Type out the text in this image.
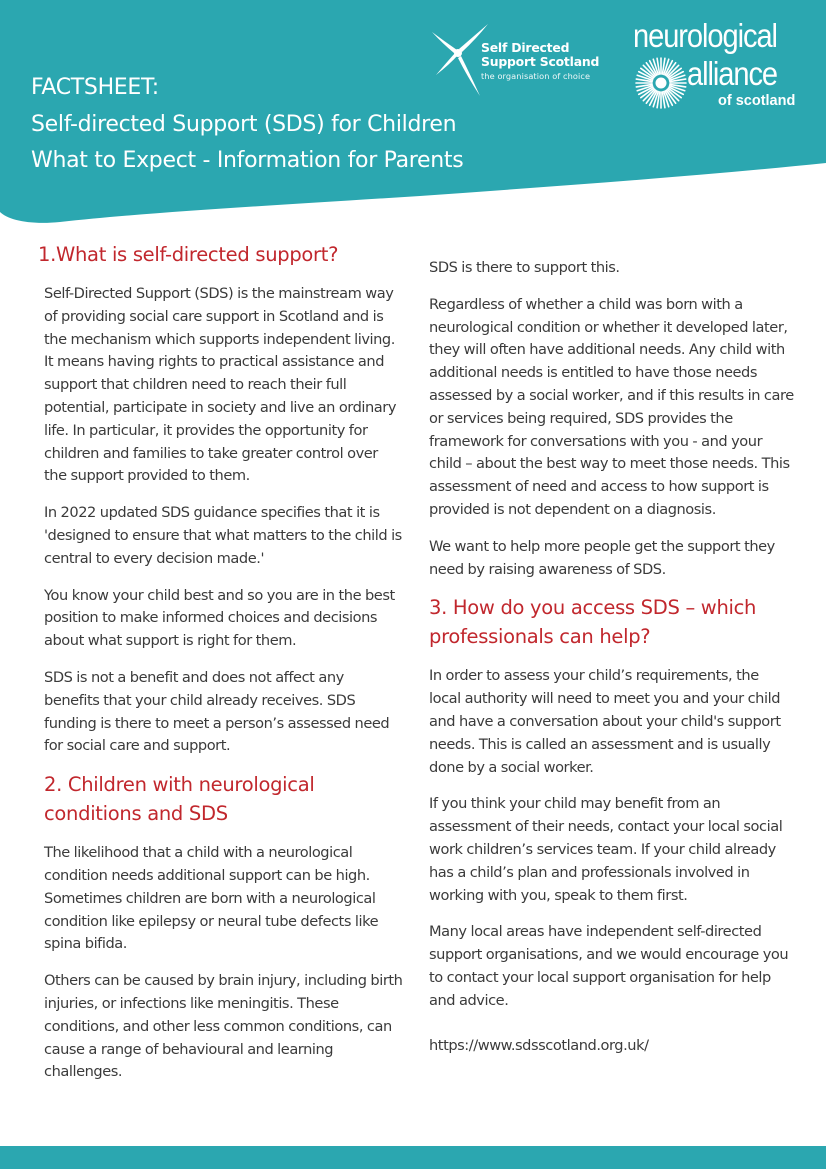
FACTSHEET:
Self-directed Support (SDS) for Children
What to Expect - Information for Parents
Self Directed
Support Scotland
the organisation of choice
neurological
alliance
of scotland
1.What is self-directed support?

Self-Directed Support (SDS) is the mainstream way of providing social care support in Scotland and is the mechanism which supports independent living. It means having rights to practical assistance and support that children need to reach their full potential, participate in society and live an ordinary life. In particular, it provides the opportunity for children and families to take greater control over the support provided to them.

In 2022 updated SDS guidance specifies that it is 'designed to ensure that what matters to the child is central to every decision made.'

You know your child best and so you are in the best position to make informed choices and decisions about what support is right for them.

SDS is not a benefit and does not affect any benefits that your child already receives. SDS funding is there to meet a person’s assessed need for social care and support.

2. Children with neurological conditions and SDS

The likelihood that a child with a neurological condition needs additional support can be high. Sometimes children are born with a neurological condition like epilepsy or neural tube defects like spina bifida.

Others can be caused by brain injury, including birth injuries, or infections like meningitis. These conditions, and other less common conditions, can cause a range of behavioural and learning challenges.

SDS is there to support this.

Regardless of whether a child was born with a neurological condition or whether it developed later, they will often have additional needs. Any child with additional needs is entitled to have those needs assessed by a social worker, and if this results in care or services being required, SDS provides the framework for conversations with you - and your child – about the best way to meet those needs. This assessment of need and access to how support is provided is not dependent on a diagnosis.

We want to help more people get the support they need by raising awareness of SDS.

3. How do you access SDS – which professionals can help?

In order to assess your child’s requirements, the local authority will need to meet you and your child and have a conversation about your child's support needs. This is called an assessment and is usually done by a social worker.

If you think your child may benefit from an assessment of their needs, contact your local social work children’s services team. If your child already has a child’s plan and professionals involved in working with you, speak to them first.

Many local areas have independent self-directed support organisations, and we would encourage you to contact your local support organisation for help and advice.

https://www.sdsscotland.org.uk/
